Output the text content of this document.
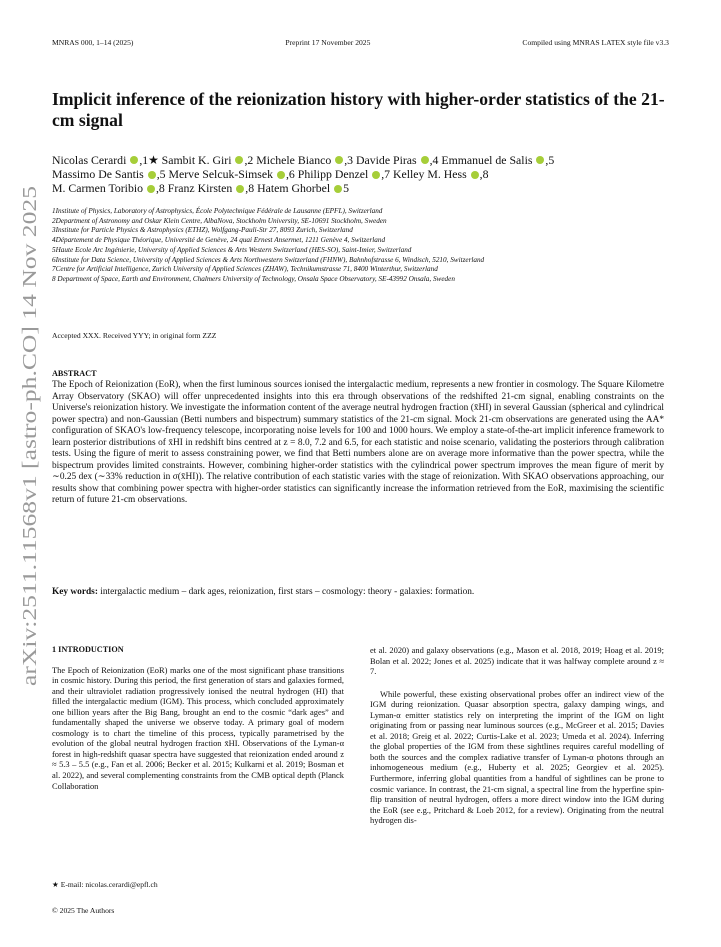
MNRAS 000, 1–14 (2025)	Preprint 17 November 2025	Compiled using MNRAS LATEX style file v3.3
arXiv:2511.11568v1 [astro-ph.CO] 14 Nov 2025
Implicit inference of the reionization history with higher-order statistics of the 21-cm signal
Nicolas Cerardi ,1★ Sambit K. Giri ,2 Michele Bianco ,3 Davide Piras ,4 Emmanuel de Salis ,5
Massimo De Santis ,5 Merve Selcuk-Simsek ,6 Philipp Denzel ,7 Kelley M. Hess ,8
M. Carmen Toribio ,8 Franz Kirsten ,8 Hatem Ghorbel 5
1Institute of Physics, Laboratory of Astrophysics, École Polytechnique Fédérale de Lausanne (EPFL), Switzerland
2Department of Astronomy and Oskar Klein Centre, AlbaNova, Stockholm University, SE-10691 Stockholm, Sweden
3Institute for Particle Physics & Astrophysics (ETHZ), Wolfgang-Pauli-Str 27, 8093 Zurich, Switzerland
4Département de Physique Théorique, Université de Genève, 24 quai Ernest Ansermet, 1211 Genève 4, Switzerland
5Haute Ecole Arc Ingénierie, University of Applied Sciences & Arts Western Switzerland (HES-SO), Saint-Imier, Switzerland
6Institute for Data Science, University of Applied Sciences & Arts Northwestern Switzerland (FHNW), Bahnhofstrasse 6, Windisch, 5210, Switzerland
7Centre for Artificial Intelligence, Zurich University of Applied Sciences (ZHAW), Technikumstrasse 71, 8400 Winterthur, Switzerland
8 Department of Space, Earth and Environment, Chalmers University of Technology, Onsala Space Observatory, SE-43992 Onsala, Sweden
Accepted XXX. Received YYY; in original form ZZZ
ABSTRACT
The Epoch of Reionization (EoR), when the first luminous sources ionised the intergalactic medium, represents a new frontier in cosmology. The Square Kilometre Array Observatory (SKAO) will offer unprecedented insights into this era through observations of the redshifted 21-cm signal, enabling constraints on the Universe's reionization history. We investigate the information content of the average neutral hydrogen fraction (x̄HI) in several Gaussian (spherical and cylindrical power spectra) and non-Gaussian (Betti numbers and bispectrum) summary statistics of the 21-cm signal. Mock 21-cm observations are generated using the AA* configuration of SKAO's low-frequency telescope, incorporating noise levels for 100 and 1000 hours. We employ a state-of-the-art implicit inference framework to learn posterior distributions of x̄HI in redshift bins centred at z = 8.0, 7.2 and 6.5, for each statistic and noise scenario, validating the posteriors through calibration tests. Using the figure of merit to assess constraining power, we find that Betti numbers alone are on average more informative than the power spectra, while the bispectrum provides limited constraints. However, combining higher-order statistics with the cylindrical power spectrum improves the mean figure of merit by ∼0.25 dex (∼33% reduction in σ(x̄HI)). The relative contribution of each statistic varies with the stage of reionization. With SKAO observations approaching, our results show that combining power spectra with higher-order statistics can significantly increase the information retrieved from the EoR, maximising the scientific return of future 21-cm observations.
Key words: intergalactic medium – dark ages, reionization, first stars – cosmology: theory - galaxies: formation.
1 INTRODUCTION

The Epoch of Reionization (EoR) marks one of the most significant phase transitions in cosmic history. During this period, the first generation of stars and galaxies formed, and their ultraviolet radiation progressively ionised the neutral hydrogen (HI) that filled the intergalactic medium (IGM). This process, which concluded approximately one billion years after the Big Bang, brought an end to the cosmic “dark ages” and fundamentally shaped the universe we observe today. A primary goal of modern cosmology is to chart the timeline of this process, typically parametrised by the evolution of the global neutral hydrogen fraction x̄HI. Observations of the Lyman-α forest in high-redshift quasar spectra have suggested that reionization ended around z ≈ 5.3 – 5.5 (e.g., Fan et al. 2006; Becker et al. 2015; Kulkarni et al. 2019; Bosman et al. 2022), and several complementing constraints from the CMB optical depth (Planck Collaboration

et al. 2020) and galaxy observations (e.g., Mason et al. 2018, 2019; Hoag et al. 2019; Bolan et al. 2022; Jones et al. 2025) indicate that it was halfway complete around z ≈ 7.

While powerful, these existing observational probes offer an indirect view of the IGM during reionization. Quasar absorption spectra, galaxy damping wings, and Lyman-α emitter statistics rely on interpreting the imprint of the IGM on light originating from or passing near luminous sources (e.g., McGreer et al. 2015; Davies et al. 2018; Greig et al. 2022; Curtis-Lake et al. 2023; Umeda et al. 2024). Inferring the global properties of the IGM from these sightlines requires careful modelling of both the sources and the complex radiative transfer of Lyman-α photons through an inhomogeneous medium (e.g., Huberty et al. 2025; Georgiev et al. 2025). Furthermore, inferring global quantities from a handful of sightlines can be prone to cosmic variance. In contrast, the 21-cm signal, a spectral line from the hyperfine spin-flip transition of neutral hydrogen, offers a more direct window into the IGM during the EoR (see e.g., Pritchard & Loeb 2012, for a review). Originating from the neutral hydrogen dis-

★ E-mail: nicolas.cerardi@epfl.ch
© 2025 The Authors
